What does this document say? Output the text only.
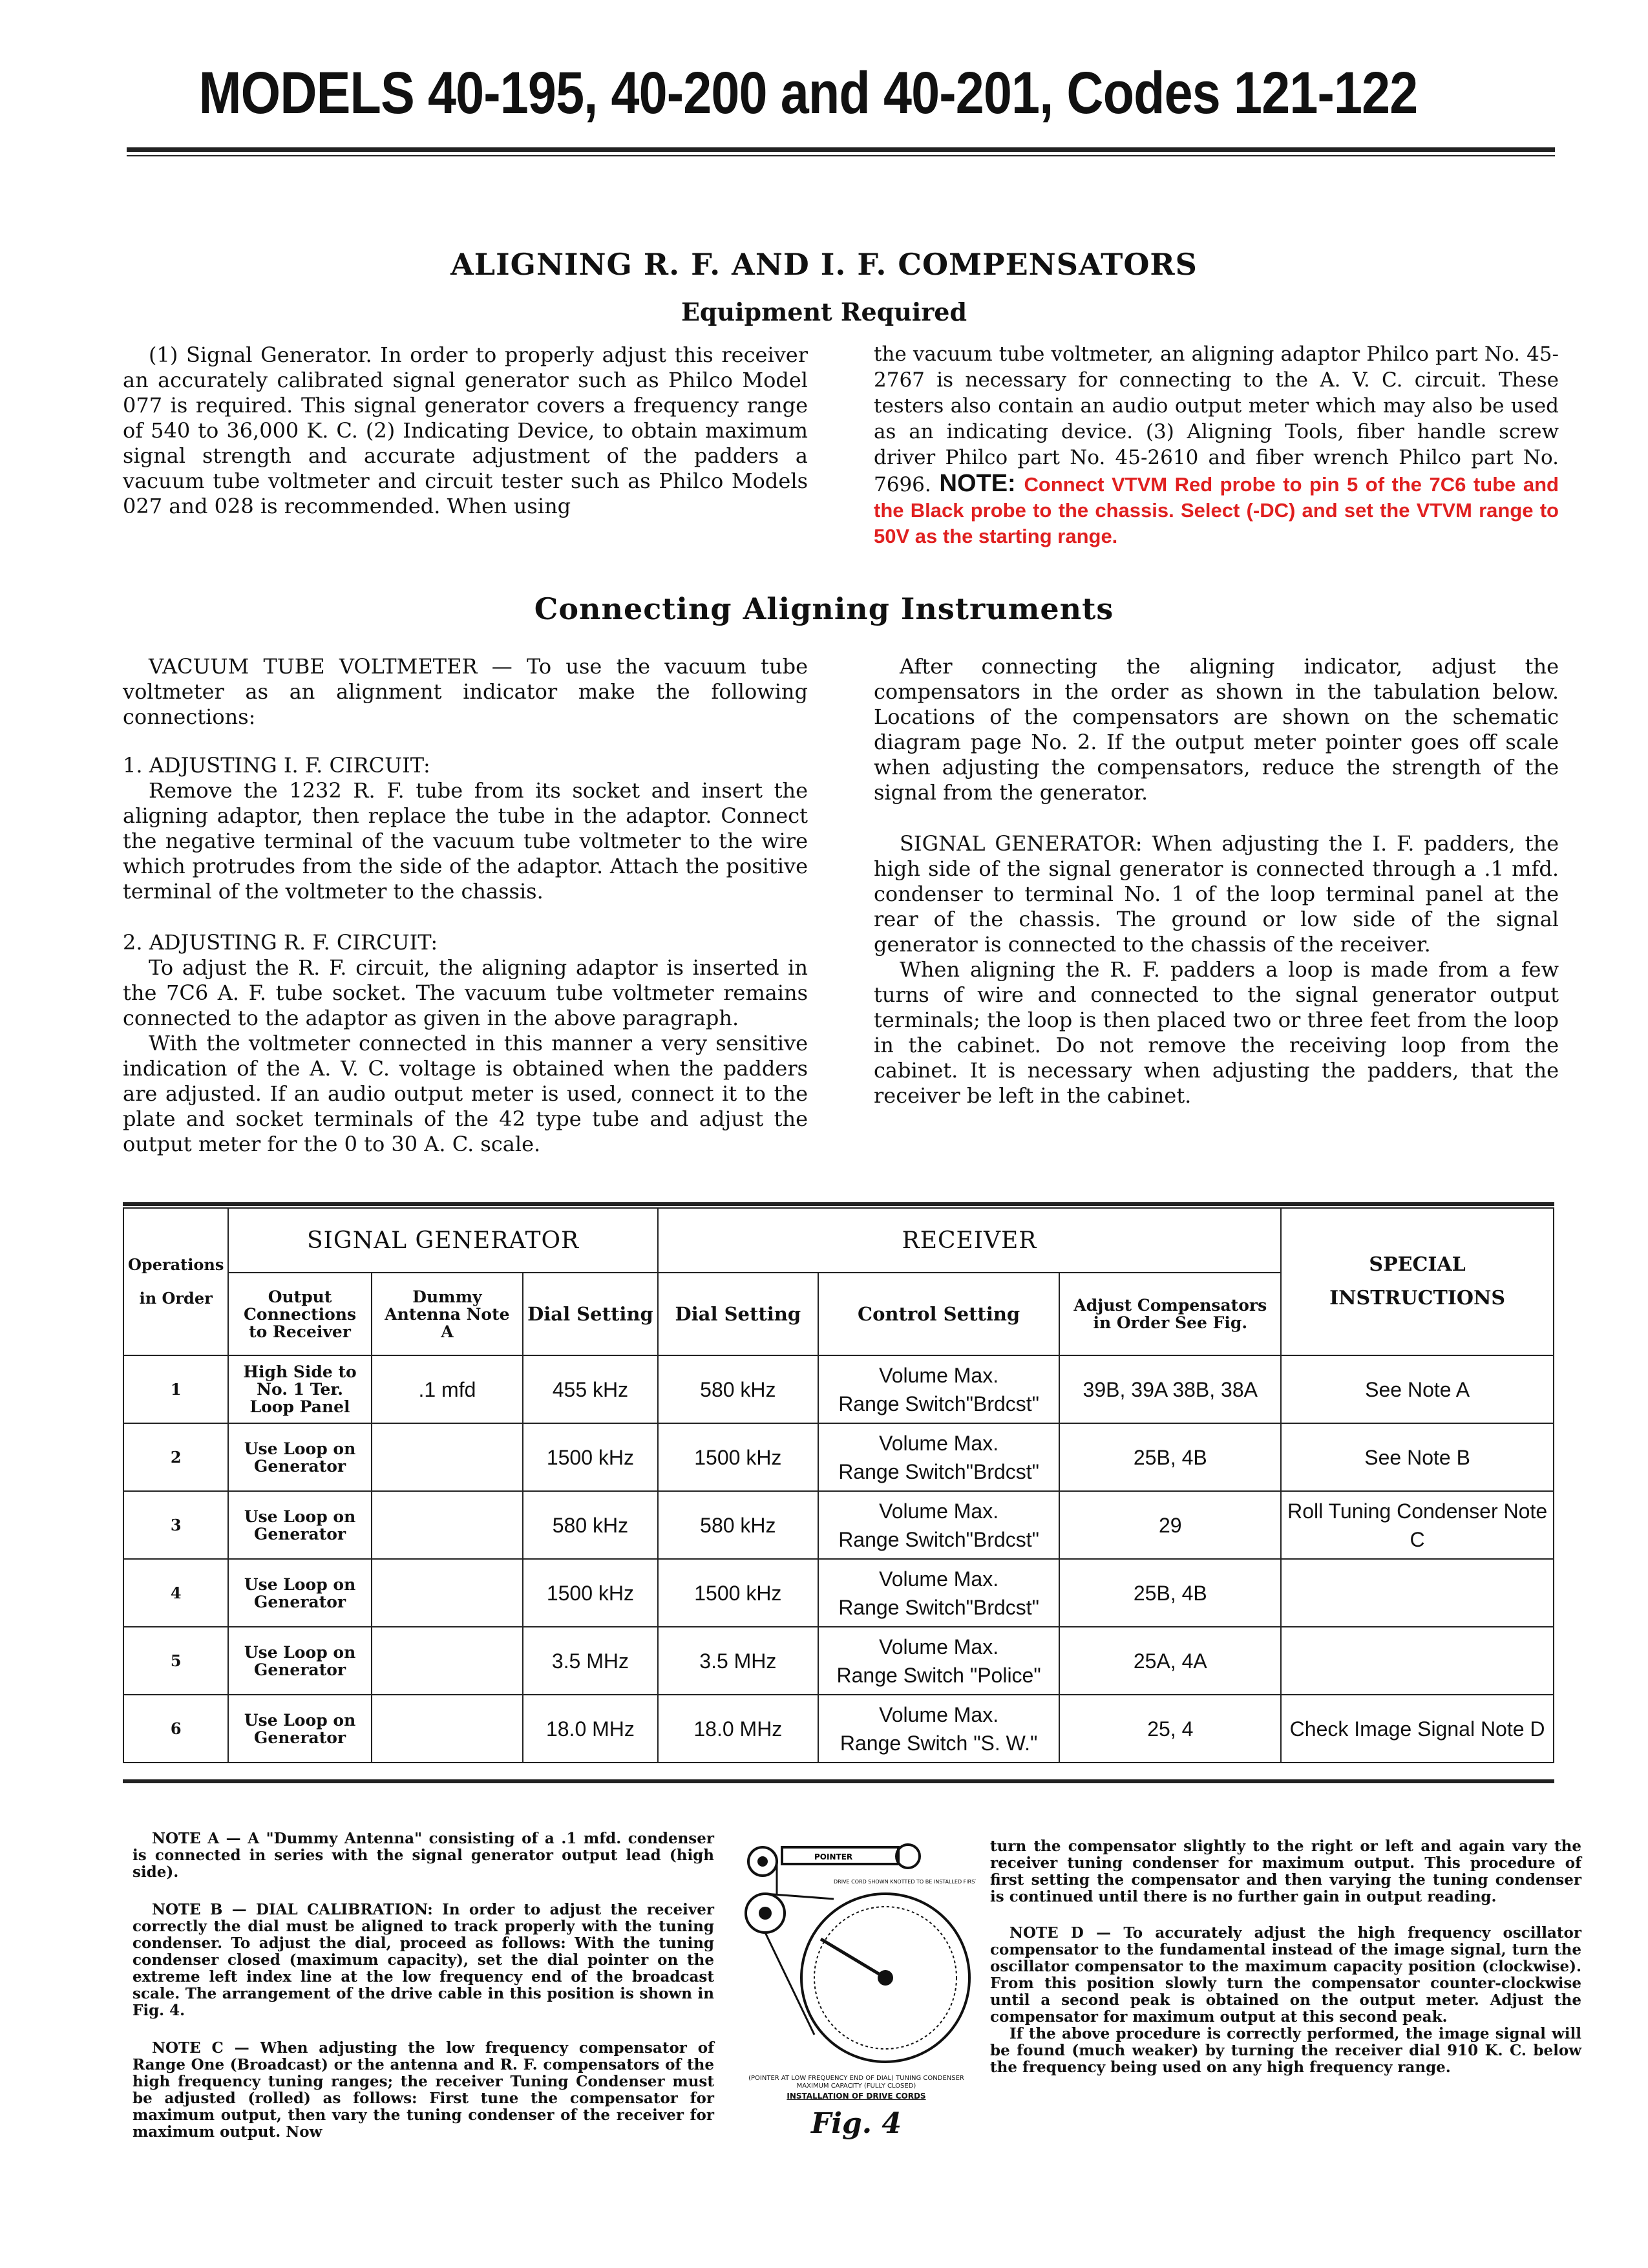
MODELS 40-195, 40-200 and 40-201, Codes 121-122
ALIGNING R. F. AND I. F. COMPENSATORS
Equipment Required

(1) Signal Generator. In order to properly adjust this receiver an accurately calibrated signal generator such as Philco Model 077 is required. This signal generator covers a frequency range of 540 to 36,000 K. C. (2) Indicating Device, to obtain maximum signal strength and accurate adjustment of the padders a vacuum tube voltmeter and circuit tester such as Philco Models 027 and 028 is recommended. When using

the vacuum tube voltmeter, an aligning adaptor Philco part No. 45-2767 is necessary for connecting to the A. V. C. circuit. These testers also contain an audio output meter which may also be used as an indicating device. (3) Aligning Tools, fiber handle screw driver Philco part No. 45-2610 and fiber wrench Philco part No. 7696. NOTE: Connect VTVM Red probe to pin 5 of the 7C6 tube and the Black probe to the chassis. Select (-DC) and set the VTVM range to 50V as the starting range.

Connecting Aligning Instruments

VACUUM TUBE VOLTMETER — To use the vacuum tube voltmeter as an alignment indicator make the following connections:

1. ADJUSTING I. F. CIRCUIT:

Remove the 1232 R. F. tube from its socket and insert the aligning adaptor, then replace the tube in the adaptor. Connect the negative terminal of the vacuum tube voltmeter to the wire which protrudes from the side of the adaptor. Attach the positive terminal of the voltmeter to the chassis.

2. ADJUSTING R. F. CIRCUIT:

To adjust the R. F. circuit, the aligning adaptor is inserted in the 7C6 A. F. tube socket. The vacuum tube voltmeter remains connected to the adaptor as given in the above paragraph.

With the voltmeter connected in this manner a very sensitive indication of the A. V. C. voltage is obtained when the padders are adjusted. If an audio output meter is used, connect it to the plate and socket terminals of the 42 type tube and adjust the output meter for the 0 to 30 A. C. scale.

After connecting the aligning indicator, adjust the compensators in the order as shown in the tabulation below. Locations of the compensators are shown on the schematic diagram page No. 2. If the output meter pointer goes off scale when adjusting the compensators, reduce the strength of the signal from the generator.

SIGNAL GENERATOR: When adjusting the I. F. padders, the high side of the signal generator is connected through a .1 mfd. condenser to terminal No. 1 of the loop terminal panel at the rear of the chassis. The ground or low side of the signal generator is connected to the chassis of the receiver.

When aligning the R. F. padders a loop is made from a few turns of wire and connected to the signal generator output terminals; the loop is then placed two or three feet from the loop in the cabinet. Do not remove the receiving loop from the cabinet. It is necessary when adjusting the padders, that the receiver be left in the cabinet.

Operations in Order	SIGNAL GENERATOR			RECEIVER			SPECIAL INSTRUCTIONS
	Output Connections to Receiver	Dummy Antenna Note A	Dial Setting	Dial Setting	Control Setting	Adjust Compensators in Order See Fig.	
1	High Side to No. 1 Ter. Loop Panel	.1 mfd	455 kHz	580 kHz	Volume Max.
Range Switch"Brdcst"	39B, 39A 38B, 38A	See Note A
2	Use Loop on Generator		1500 kHz	1500 kHz	Volume Max.
Range Switch"Brdcst"	25B, 4B	See Note B
3	Use Loop on Generator		580 kHz	580 kHz	Volume Max.
Range Switch"Brdcst"	29	Roll Tuning Condenser Note C
4	Use Loop on Generator		1500 kHz	1500 kHz	Volume Max.
Range Switch"Brdcst"	25B, 4B	
5	Use Loop on Generator		3.5 MHz	3.5 MHz	Volume Max.
Range Switch "Police"	25A, 4A	
6	Use Loop on Generator		18.0 MHz	18.0 MHz	Volume Max.
Range Switch "S. W."	25, 4	Check Image Signal Note D

NOTE A — A "Dummy Antenna" consisting of a .1 mfd. condenser is connected in series with the signal generator output lead (high side).

NOTE B — DIAL CALIBRATION: In order to adjust the receiver correctly the dial must be aligned to track properly with the tuning condenser. To adjust the dial, proceed as follows: With the tuning condenser closed (maximum capacity), set the dial pointer on the extreme left index line at the low frequency end of the broadcast scale. The arrangement of the drive cable in this position is shown in Fig. 4.

NOTE C — When adjusting the low frequency compensator of Range One (Broadcast) or the antenna and R. F. compensators of the high frequency tuning ranges; the receiver Tuning Condenser must be adjusted (rolled) as follows: First tune the compensator for maximum output, then vary the tuning condenser of the receiver for maximum output. Now

turn the compensator slightly to the right or left and again vary the receiver tuning condenser for maximum output. This procedure of first setting the compensator and then varying the tuning condenser is continued until there is no further gain in output reading.

NOTE D — To accurately adjust the high frequency oscillator compensator to the fundamental instead of the image signal, turn the oscillator compensator to the maximum capacity position (clockwise). From this position slowly turn the compensator counter-clockwise until a second peak is obtained on the output meter. Adjust the compensator for maximum output at this second peak.

If the above procedure is correctly performed, the image signal will be found (much weaker) by turning the receiver dial 910 K. C. below the frequency being used on any high frequency range.

POINTER
DRIVE CORD SHOWN KNOTTED TO BE INSTALLED FIRST
(POINTER AT LOW FREQUENCY END OF DIAL) TUNING CONDENSER MAXIMUM CAPACITY (FULLY CLOSED)
INSTALLATION OF DRIVE CORDS
Fig. 4
